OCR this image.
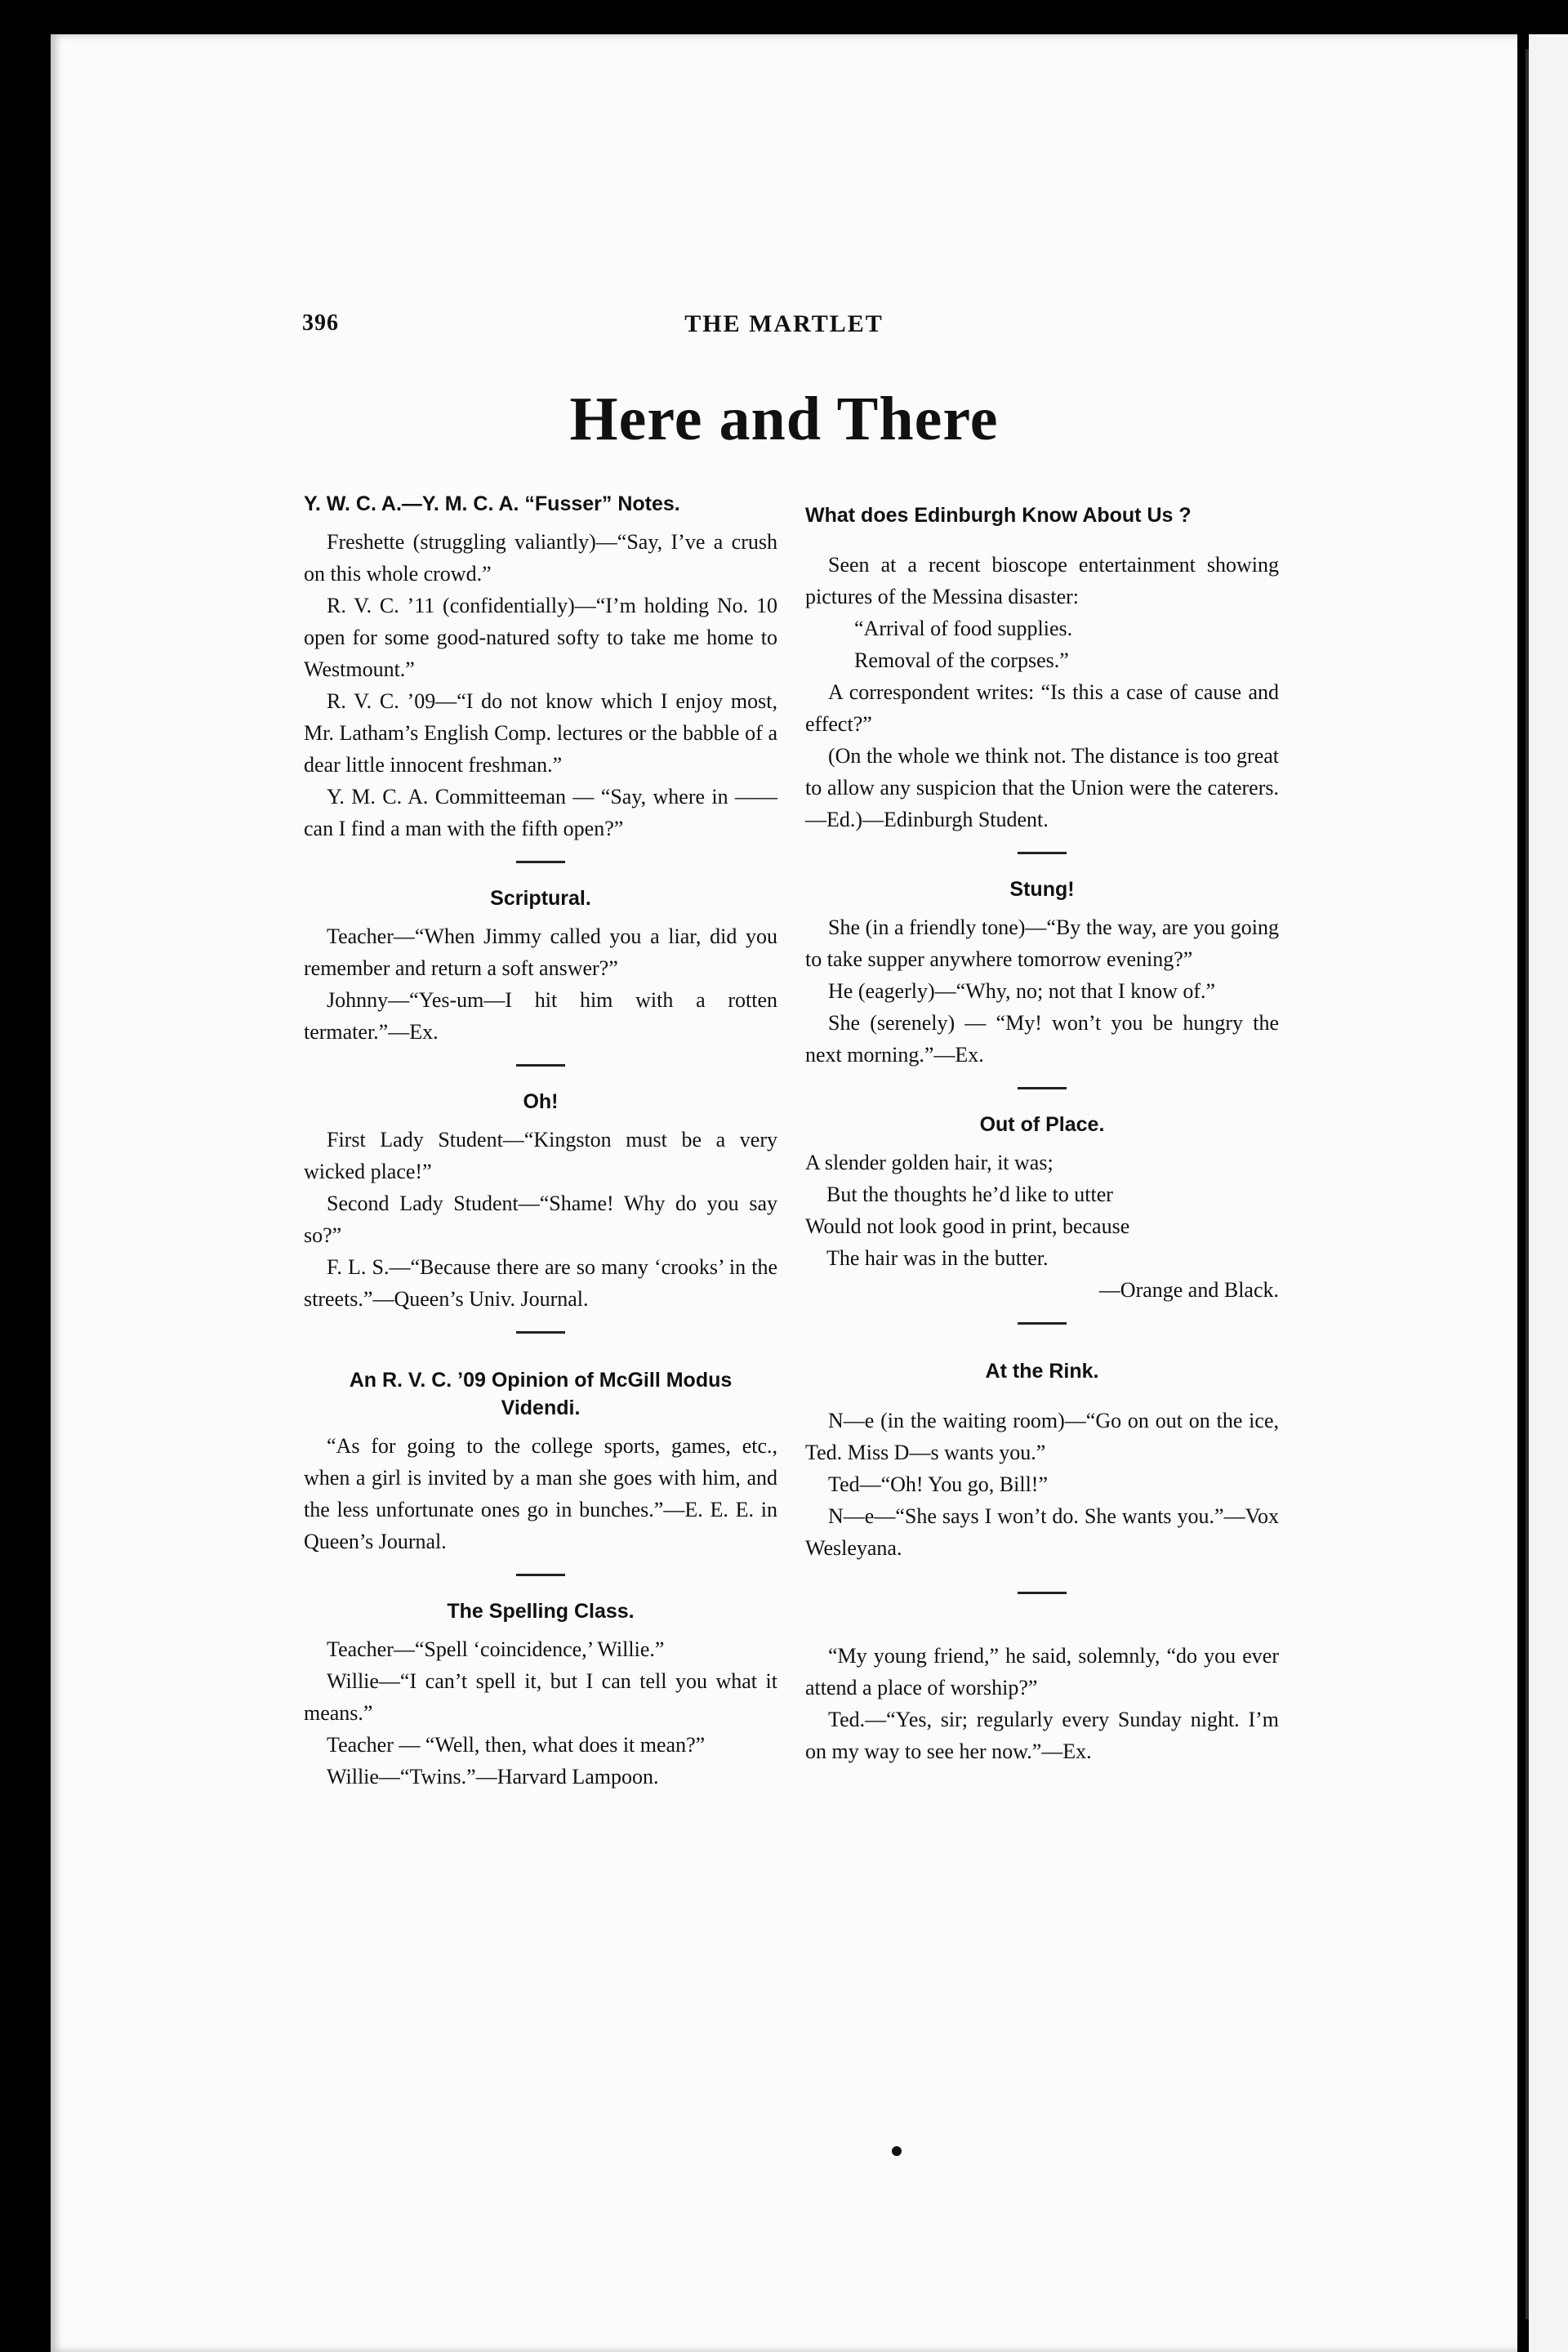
396	THE MARTLET
Here and There
Y. W. C. A.—Y. M. C. A. “Fusser” Notes.

Freshette (struggling valiantly)—“Say, I’ve a crush on this whole crowd.”

R. V. C. ’11 (confidentially)—“I’m holding No. 10 open for some good-natured softy to take me home to Westmount.”

R. V. C. ’09—“I do not know which I enjoy most, Mr. Latham’s English Comp. lectures or the babble of a dear little innocent freshman.”

Y. M. C. A. Committeeman — “Say, where in —— can I find a man with the fifth open?”

Scriptural.

Teacher—“When Jimmy called you a liar, did you remember and return a soft answer?”

Johnny—“Yes-um—I hit him with a rotten termater.”—Ex.

Oh!

First Lady Student—“Kingston must be a very wicked place!”

Second Lady Student—“Shame! Why do you say so?”

F. L. S.—“Because there are so many ‘crooks’ in the streets.”—Queen’s Univ. Journal.

An R. V. C. ’09 Opinion of McGill Modus
Videndi.

“As for going to the college sports, games, etc., when a girl is invited by a man she goes with him, and the less unfortunate ones go in bunches.”—E. E. E. in Queen’s Journal.

The Spelling Class.

Teacher—“Spell ‘coincidence,’ Willie.”

Willie—“I can’t spell it, but I can tell you what it means.”

Teacher — “Well, then, what does it mean?”

Willie—“Twins.”—Harvard Lampoon.

What does Edinburgh Know About Us ?

Seen at a recent bioscope entertainment showing pictures of the Messina disaster:

“Arrival of food supplies.

Removal of the corpses.”

A correspondent writes: “Is this a case of cause and effect?”

(On the whole we think not. The distance is too great to allow any suspicion that the Union were the caterers.—Ed.)—Edinburgh Student.

Stung!

She (in a friendly tone)—“By the way, are you going to take supper anywhere tomorrow evening?”

He (eagerly)—“Why, no; not that I know of.”

She (serenely) — “My! won’t you be hungry the next morning.”—Ex.

Out of Place.

A slender golden hair, it was;

But the thoughts he’d like to utter

Would not look good in print, because

The hair was in the butter.

—Orange and Black.

At the Rink.

N—e (in the waiting room)—“Go on out on the ice, Ted. Miss D—s wants you.”

Ted—“Oh! You go, Bill!”

N—e—“She says I won’t do. She wants you.”—Vox Wesleyana.

“My young friend,” he said, solemnly, “do you ever attend a place of worship?”

Ted.—“Yes, sir; regularly every Sunday night. I’m on my way to see her now.”—Ex.
